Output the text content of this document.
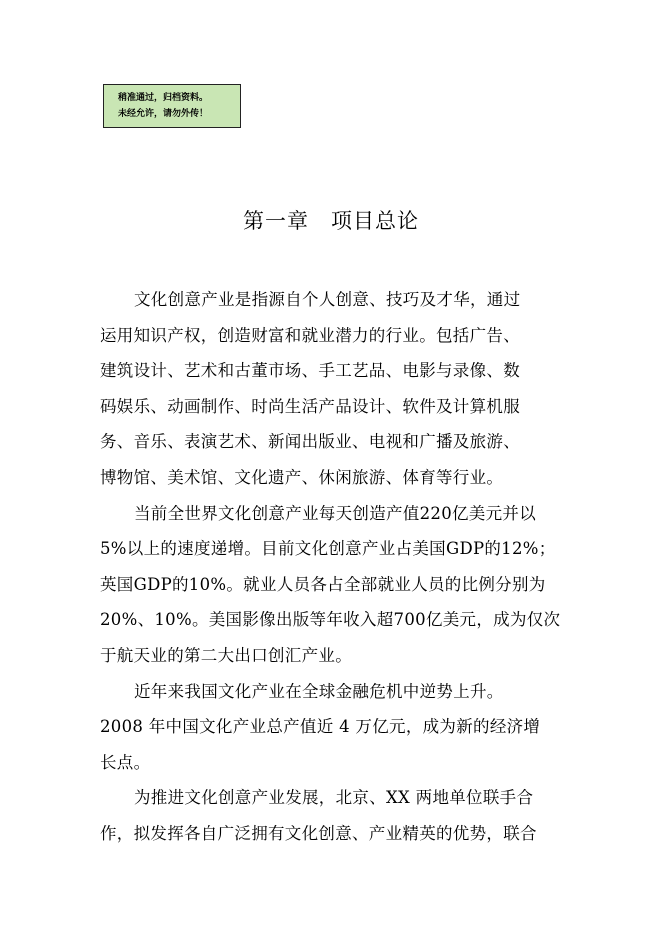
稍准通过，归档资料。
未经允许，请勿外传！
第一章　项目总论
文化创意产业是指源自个人创意、技巧及才华，通过
运用知识产权，创造财富和就业潜力的行业。包括广告、
建筑设计、艺术和古董市场、手工艺品、电影与录像、数
码娱乐、动画制作、时尚生活产品设计、软件及计算机服
务、音乐、表演艺术、新闻出版业、电视和广播及旅游、
博物馆、美术馆、文化遗产、休闲旅游、体育等行业。
当前全世界文化创意产业每天创造产值220亿美元并以
5%以上的速度递增。目前文化创意产业占美国GDP的12%；
英国GDP的10%。就业人员各占全部就业人员的比例分别为
20%、10%。美国影像出版等年收入超700亿美元，成为仅次
于航天业的第二大出口创汇产业。
近年来我国文化产业在全球金融危机中逆势上升。
2008 年中国文化产业总产值近 4 万亿元，成为新的经济增
长点。
为推进文化创意产业发展，北京、XX 两地单位联手合
作，拟发挥各自广泛拥有文化创意、产业精英的优势，联合
